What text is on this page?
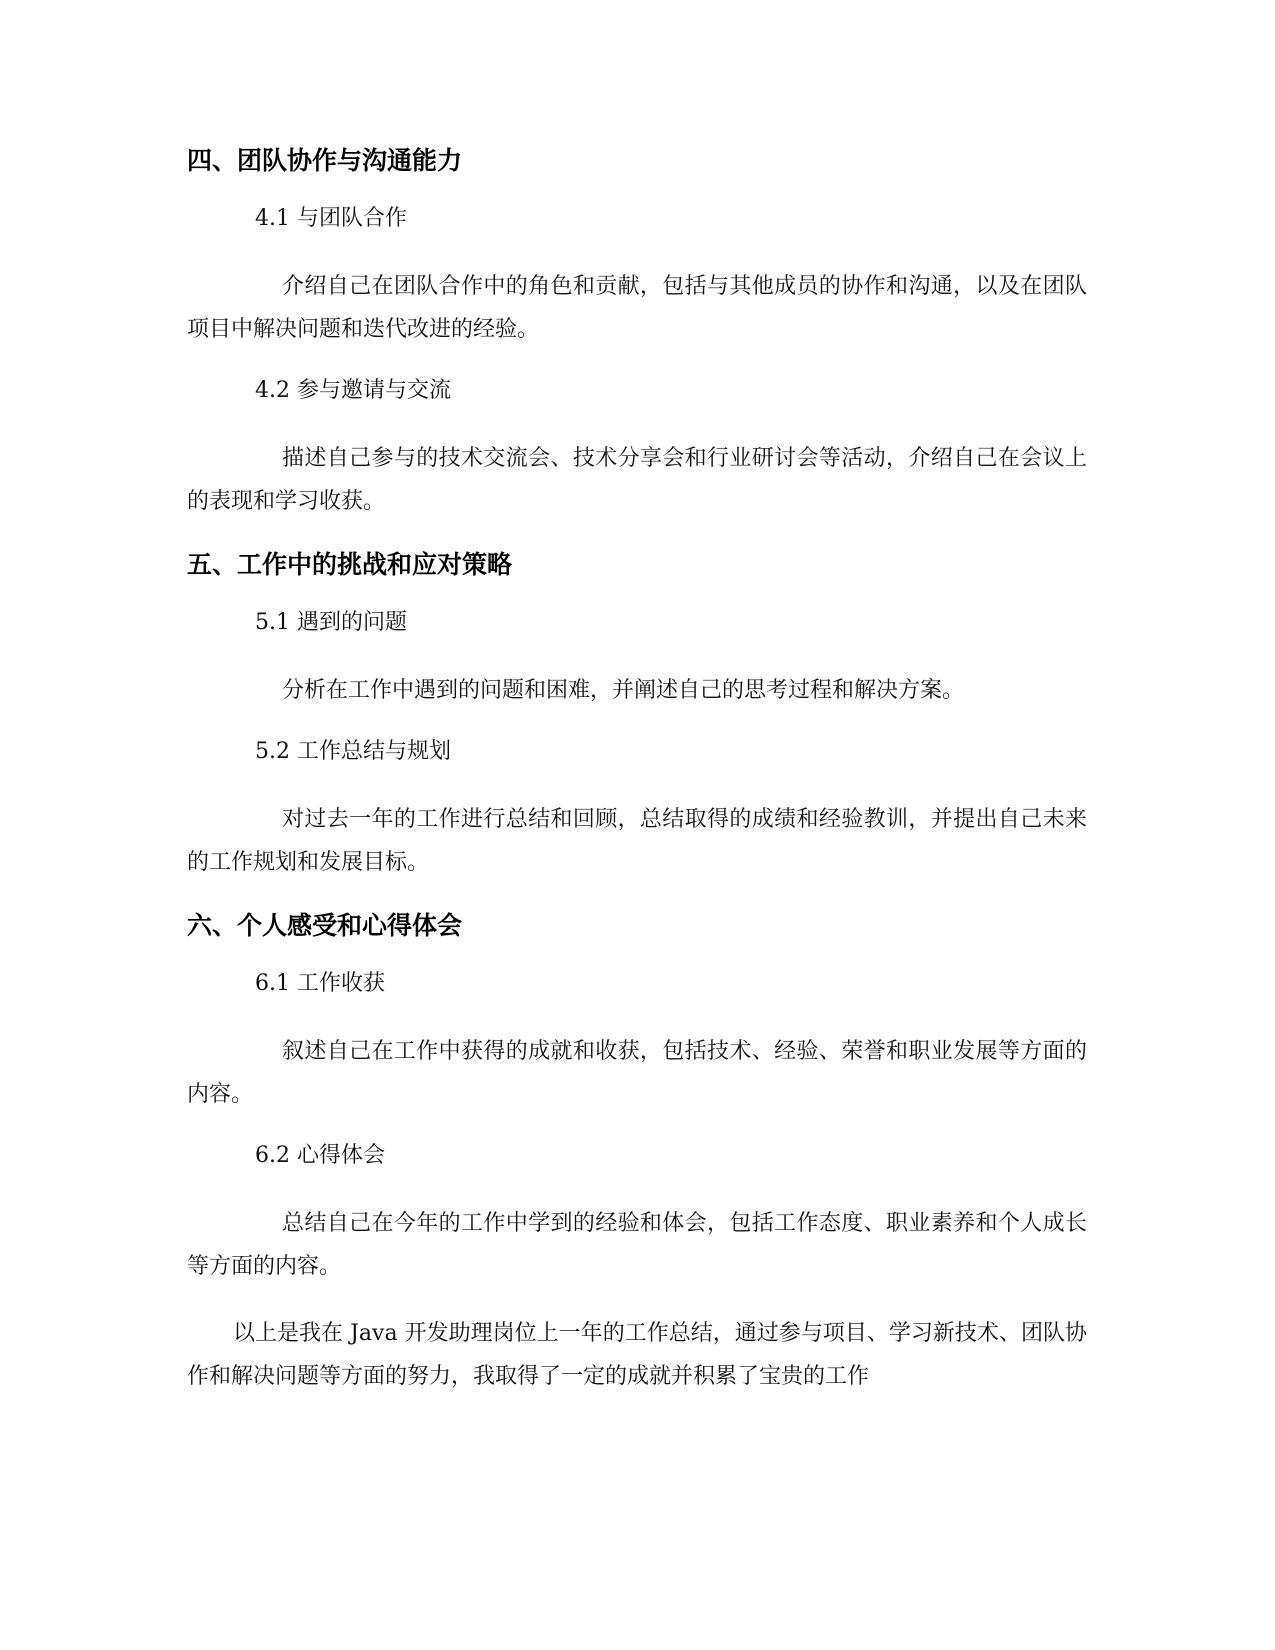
四、团队协作与沟通能力
4.1 与团队合作

介绍自己在团队合作中的角色和贡献，包括与其他成员的协作和沟通，以及在团队项目中解决问题和迭代改进的经验。

4.2 参与邀请与交流

描述自己参与的技术交流会、技术分享会和行业研讨会等活动，介绍自己在会议上的表现和学习收获。

五、工作中的挑战和应对策略
5.1 遇到的问题

分析在工作中遇到的问题和困难，并阐述自己的思考过程和解决方案。

5.2 工作总结与规划

对过去一年的工作进行总结和回顾，总结取得的成绩和经验教训，并提出自己未来的工作规划和发展目标。

六、个人感受和心得体会
6.1 工作收获

叙述自己在工作中获得的成就和收获，包括技术、经验、荣誉和职业发展等方面的内容。

6.2 心得体会

总结自己在今年的工作中学到的经验和体会，包括工作态度、职业素养和个人成长等方面的内容。

以上是我在 Java 开发助理岗位上一年的工作总结，通过参与项目、学习新技术、团队协作和解决问题等方面的努力，我取得了一定的成就并积累了宝贵的工作
